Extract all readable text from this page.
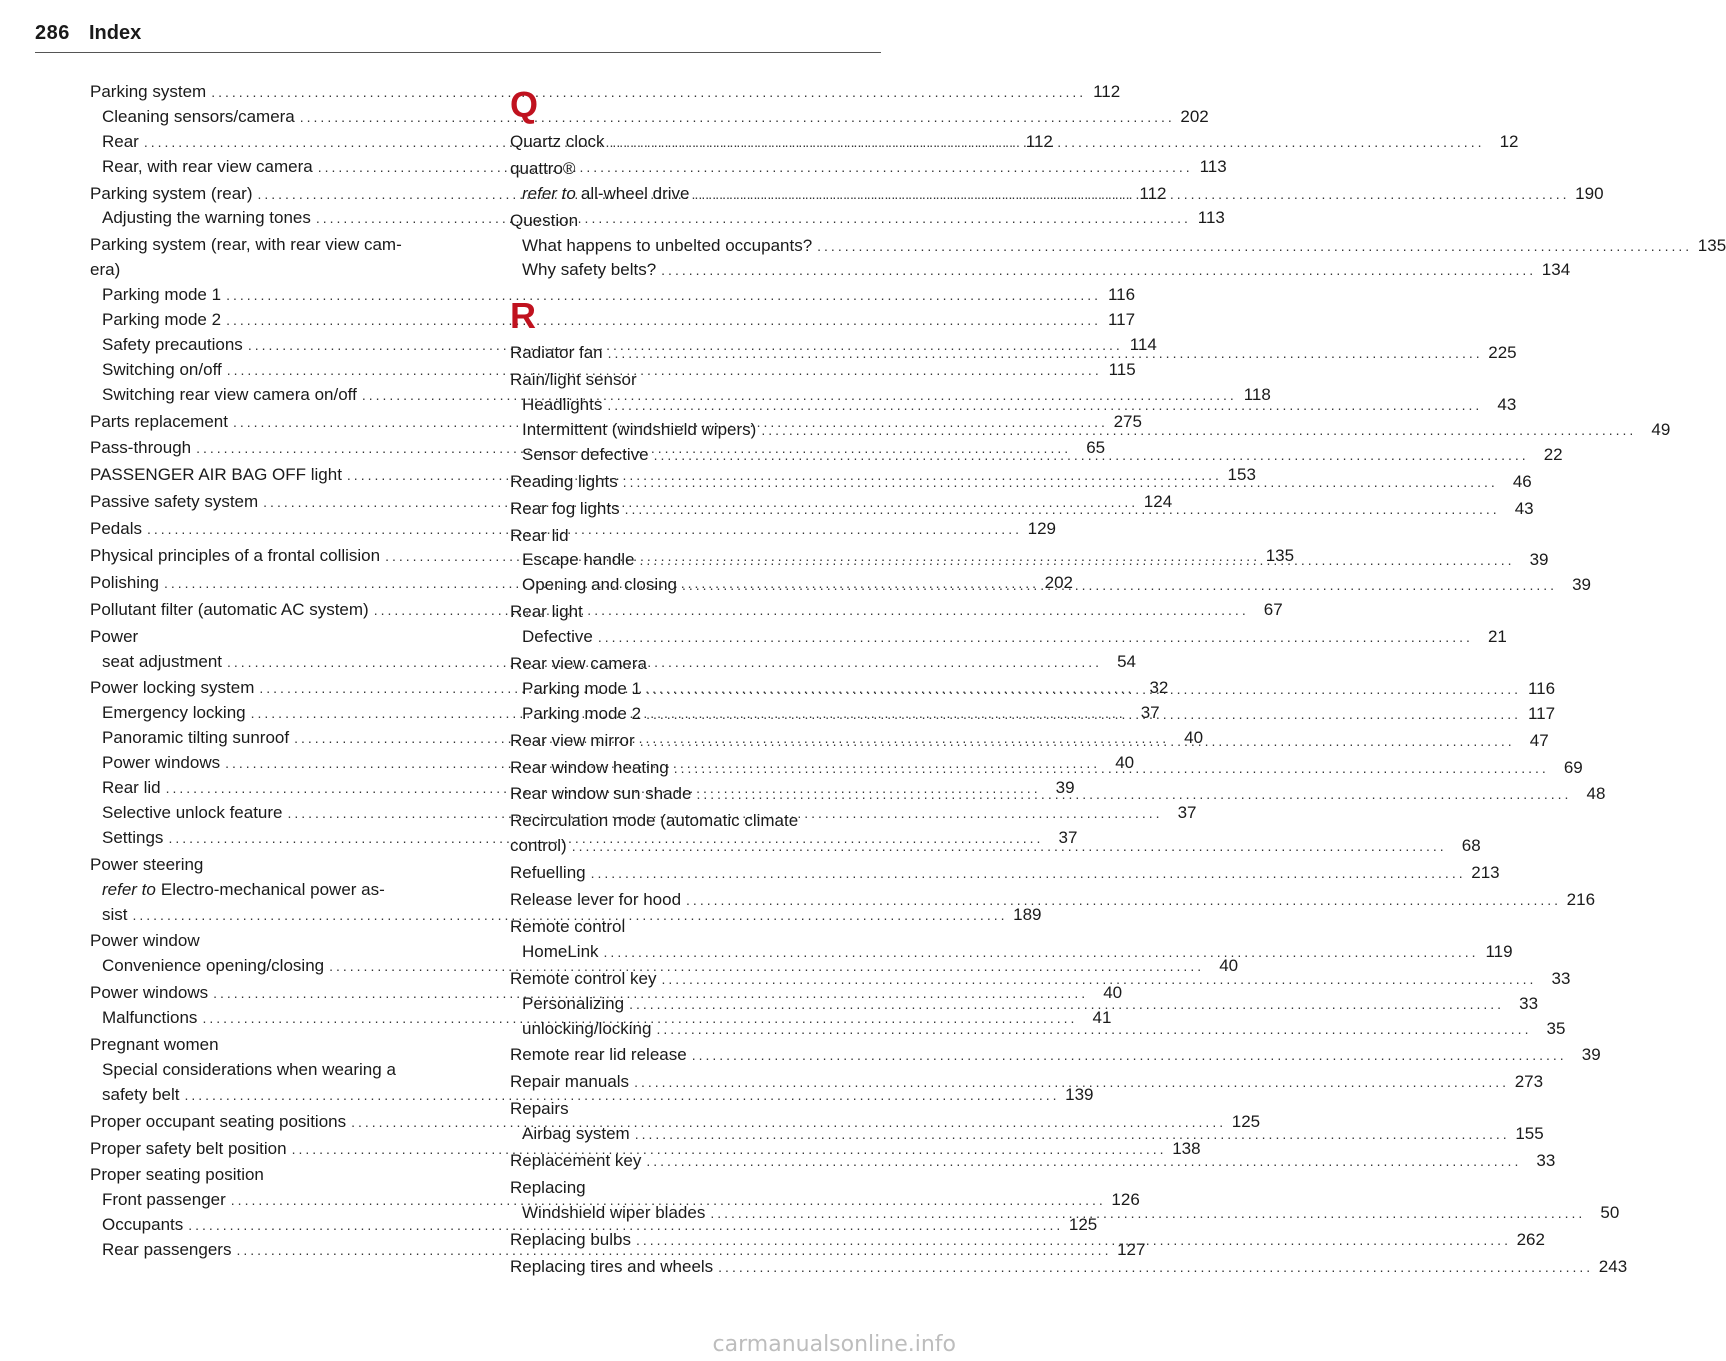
286 Index
Parking system .....	112
Cleaning sensors/camera .....	202
Rear .....	112
Rear, with rear view camera .....	113
Parking system (rear) .....	112
Adjusting the warning tones .....	113
Parking system (rear, with rear view cam-
era)
Parking mode 1 .....	116
Parking mode 2 .....	117
Safety precautions .....	114
Switching on/off .....	115
Switching rear view camera on/off .....	118
Parts replacement .....	275
Pass-through .....	65
PASSENGER AIR BAG OFF light .....	153
Passive safety system .....	124
Pedals .....	129
Physical principles of a frontal collision .....	135
Polishing .....	202
Pollutant filter (automatic AC system) .....	67
Power
seat adjustment .....	54
Power locking system .....	32
Emergency locking .....	37
Panoramic tilting sunroof .....	40
Power windows .....	40
Rear lid .....	39
Selective unlock feature .....	37
Settings .....	37
Power steering
refer to Electro-mechanical power as-
sist .....	189
Power window
Convenience opening/closing .....	40
Power windows .....	40
Malfunctions .....	41
Pregnant women
Special considerations when wearing a
safety belt .....	139
Proper occupant seating positions .....	125
Proper safety belt position .....	138
Proper seating position
Front passenger .....	126
Occupants .....	125
Rear passengers .....	127
Q
Quartz clock .....	12
quattro®
refer to all-wheel drive .....	190
Question
What happens to unbelted occupants? .....	135
Why safety belts? .....	134
R
Radiator fan .....	225
Rain/light sensor
Headlights .....	43
Intermittent (windshield wipers) .....	49
Sensor defective .....	22
Reading lights .....	46
Rear fog lights .....	43
Rear lid
Escape handle .....	39
Opening and closing .....	39
Rear light
Defective .....	21
Rear view camera
Parking mode 1 .....	116
Parking mode 2 .....	117
Rear view mirror .....	47
Rear window heating .....	69
Rear window sun shade .....	48
Recirculation mode (automatic climate
control) .....	68
Refuelling .....	213
Release lever for hood .....	216
Remote control
HomeLink .....	119
Remote control key .....	33
Personalizing .....	33
unlocking/locking .....	35
Remote rear lid release .....	39
Repair manuals .....	273
Repairs
Airbag system .....	155
Replacement key .....	33
Replacing
Windshield wiper blades .....	50
Replacing bulbs .....	262
Replacing tires and wheels .....	243
carmanualsonline.info
